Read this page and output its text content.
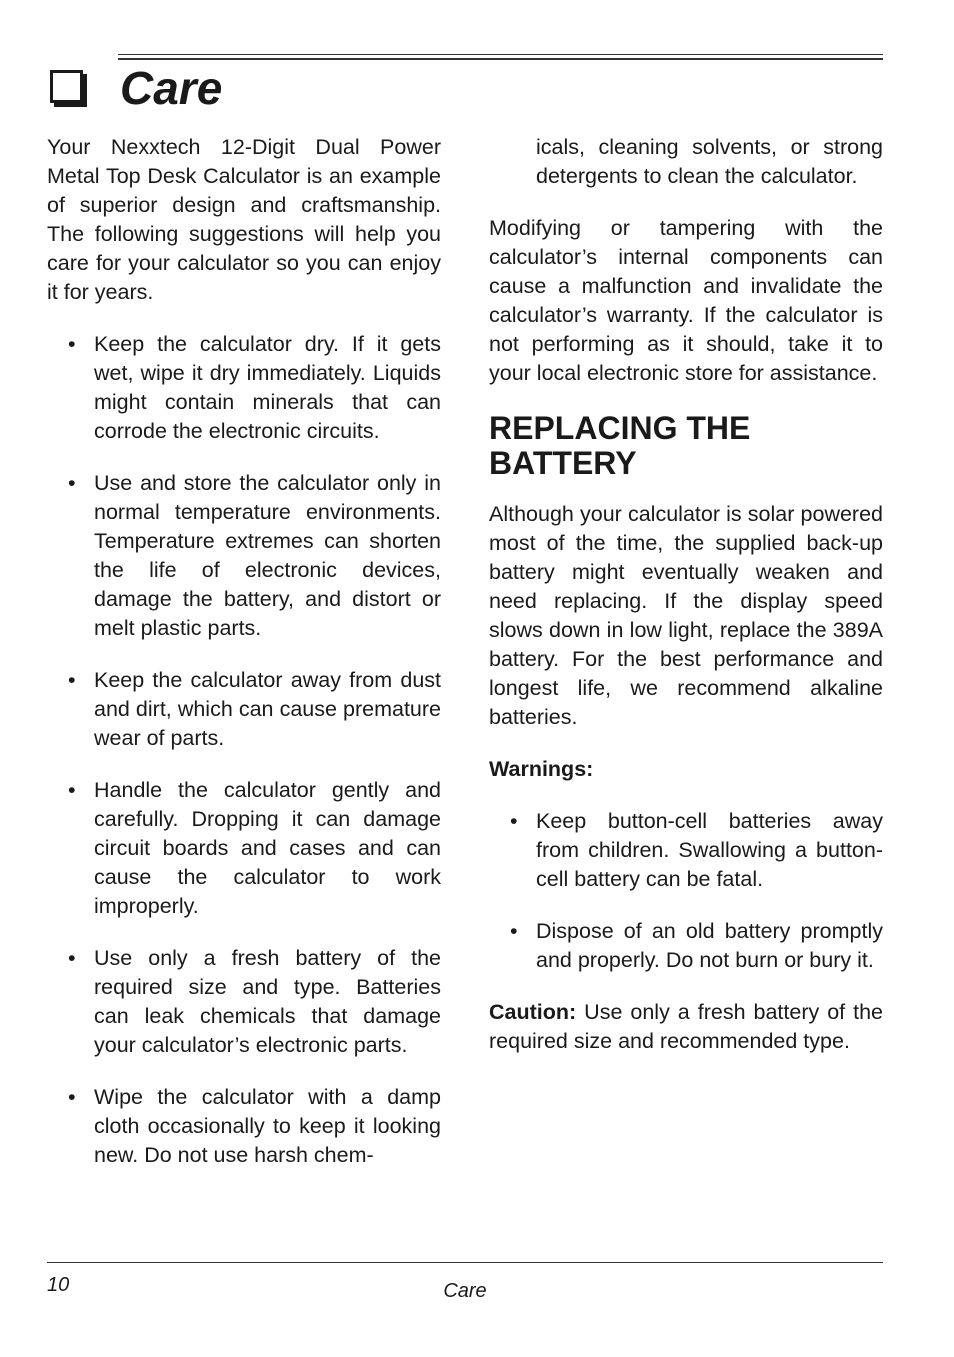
Care

Your Nexxtech 12-Digit Dual Power Metal Top Desk Calculator is an example of superior design and craftsmanship. The following suggestions will help you care for your calculator so you can enjoy it for years.

• Keep the calculator dry. If it gets wet, wipe it dry immediately. Liquids might contain minerals that can corrode the electronic circuits.
• Use and store the calculator only in normal temperature environments. Temperature extremes can shorten the life of electronic devices, damage the battery, and distort or melt plastic parts.
• Keep the calculator away from dust and dirt, which can cause premature wear of parts.
• Handle the calculator gently and carefully. Dropping it can damage circuit boards and cases and can cause the calculator to work improperly.
• Use only a fresh battery of the required size and type. Batteries can leak chemicals that damage your calculator’s electronic parts.
• Wipe the calculator with a damp cloth occasionally to keep it looking new. Do not use harsh chem-

icals, cleaning solvents, or strong detergents to clean the calculator.

Modifying or tampering with the calculator’s internal components can cause a malfunction and invalidate the calculator’s warranty. If the calculator is not performing as it should, take it to your local electronic store for assistance.

REPLACING THE BATTERY

Although your calculator is solar powered most of the time, the supplied back-up battery might eventually weaken and need replacing. If the display speed slows down in low light, replace the 389A battery. For the best performance and longest life, we recommend alkaline batteries.

Warnings:
• Keep button-cell batteries away from children. Swallowing a button-cell battery can be fatal.
• Dispose of an old battery promptly and properly. Do not burn or bury it.

Caution: Use only a fresh battery of the required size and recommended type.

10	Care
